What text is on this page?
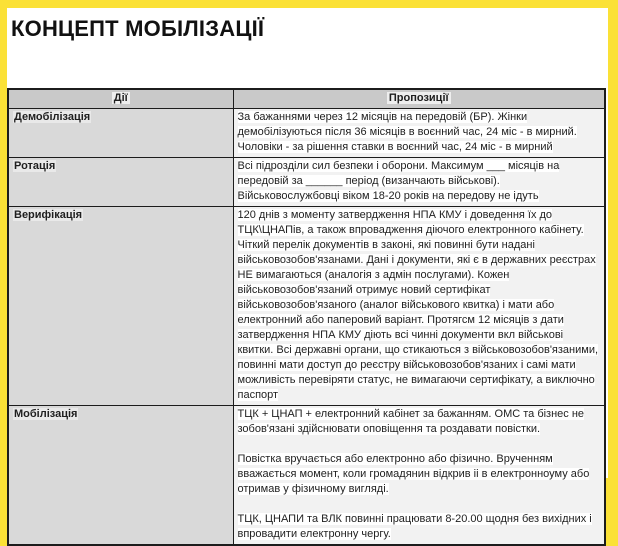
КОНЦЕПТ МОБІЛІЗАЦІЇ
Дії	Пропозиції
Демобілізація	За бажаннями через 12 місяців на передовій (БР). Жінки демобілізуються після 36 місяців в воєнний час, 24 міс - в мирний. Чоловіки - за рішення ставки в воєнний час, 24 міс - в мирний

Ротація	Всі підрозділи сил безпеки і оборони. Максимум ___ місяців на передовій за ______ період (визанчають військові). Військовослужбовці віком 18-20 років на передову не ідуть

Верифікація	120 днів з моменту затвердження НПА КМУ і доведення їх до ТЦК\ЦНАПів, а також впровадження діючого електронного кабінету. Чіткий перелік документів в законі, які повинні бути надані військовозобов'язанами. Дані і документи, які є в державних реєстрах НЕ вимагаються (аналогія з адмін послугами). Кожен військовозобов'язаний отримує новий сертифікат військовозобов'язаного (аналог військового квитка) і мати або електронний або паперовий варіант. Протягсм 12 місяців з дати затвердження НПА КМУ діють всі чинні документи вкл військові квитки. Всі державні органи, що стикаються з військовозобов'язаними, повинні мати доступ до реєстру військовозобов'язаних і самі мати можливість перевіряти статус, не вимагаючи сертифікату, а виключно паспорт

Мобілізація	ТЦК + ЦНАП + електронний кабінет за бажанням. ОМС та бізнес не зобов'язані здійснювати оповіщення та роздавати повістки.

Повістка вручається або електронно або фізично. Врученням вважається момент, коли громадянин відкрив іі в електронноуму або отримав у фізичному вигляді.

ТЦК, ЦНАПИ та ВЛК повинні працювати 8-20.00 щодня без вихідних і впровадити електронну чергу.
